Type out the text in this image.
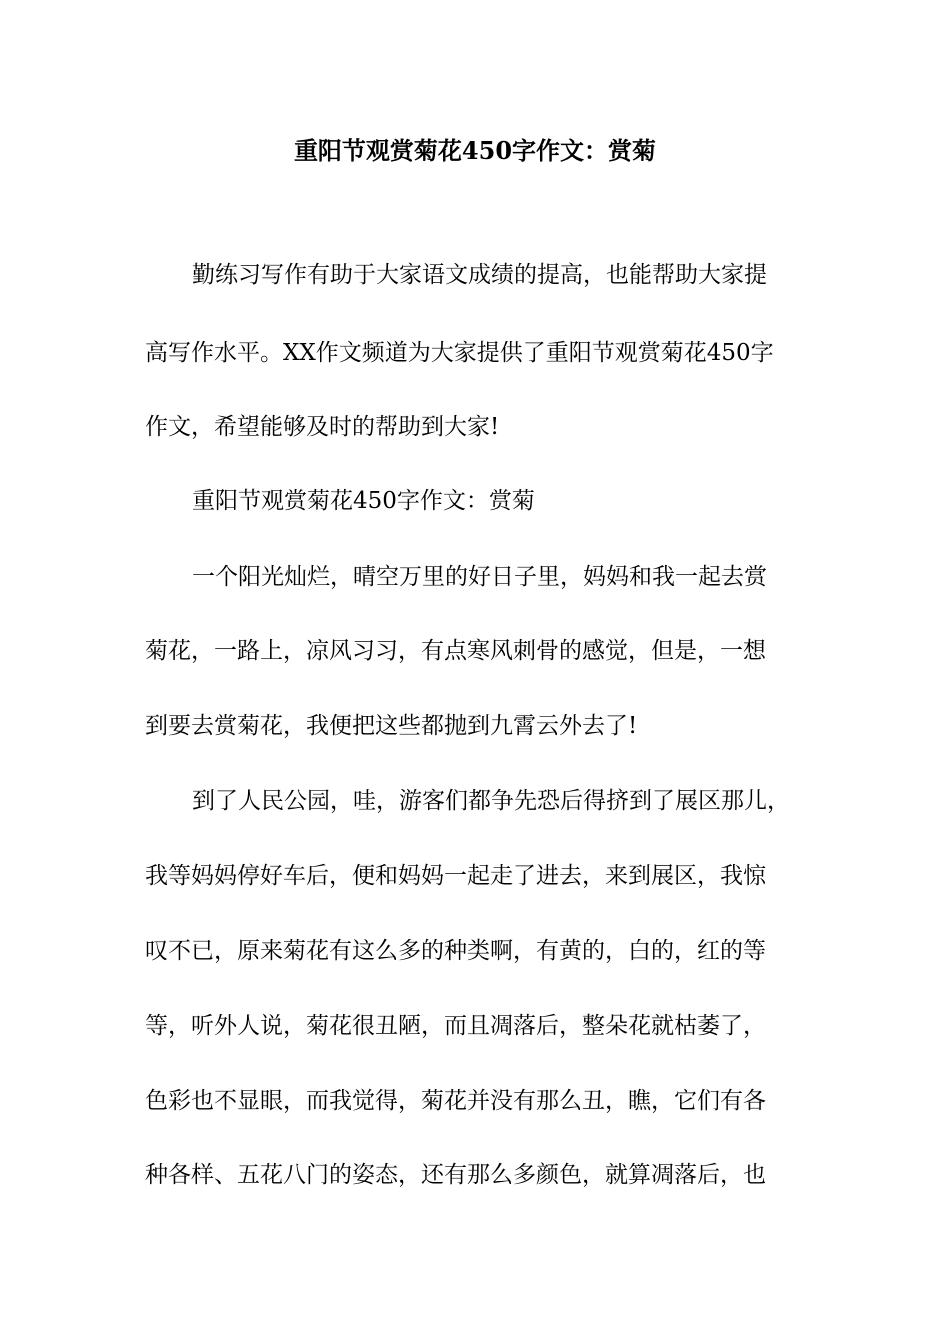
重阳节观赏菊花450字作文：赏菊
勤练习写作有助于大家语文成绩的提高，也能帮助大家提
高写作水平。XX作文频道为大家提供了重阳节观赏菊花450字
作文，希望能够及时的帮助到大家!
重阳节观赏菊花450字作文：赏菊
一个阳光灿烂，晴空万里的好日子里，妈妈和我一起去赏
菊花，一路上，凉风习习，有点寒风刺骨的感觉，但是，一想
到要去赏菊花，我便把这些都抛到九霄云外去了!
到了人民公园，哇，游客们都争先恐后得挤到了展区那儿，
我等妈妈停好车后，便和妈妈一起走了进去，来到展区，我惊
叹不已，原来菊花有这么多的种类啊，有黄的，白的，红的等
等，听外人说，菊花很丑陋，而且凋落后，整朵花就枯萎了，
色彩也不显眼，而我觉得，菊花并没有那么丑，瞧，它们有各
种各样、五花八门的姿态，还有那么多颜色，就算凋落后，也
